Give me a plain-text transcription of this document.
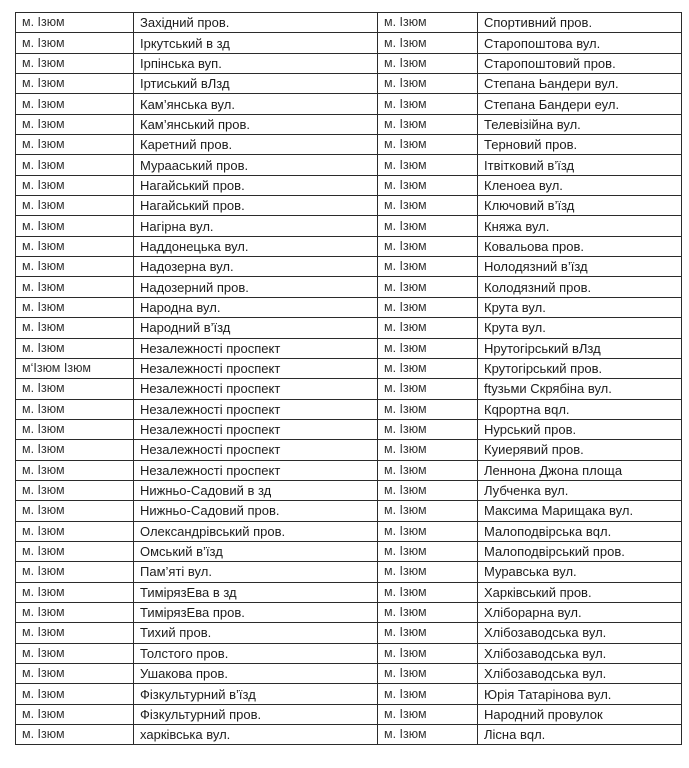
м. Ізюм	Західний пров.	м. Ізюм	Спортивний пров.
м. Ізюм	Іркутський в зд	м. Ізюм	Старопоштова вул.
м. Ізюм	Ірпінська вуп.	м. Ізюм	Старопоштовий пров.
м. Ізюм	Іртиський вЛзд	м. Ізюм	Степана Ьандери вул.
м. Ізюм	Кам’янська вул.	м. Ізюм	Степана Бандери еул.
м. Ізюм	Кам’янський пров.	м. Ізюм	Телевізійна вул.
м. Ізюм	Каретний пров.	м. Ізюм	Терновий пров.
м. Ізюм	Мурааський пров.	м. Ізюм	Ітвітковий в’їзд
м. Ізюм	Нагайський пров.	м. Ізюм	Клeноеа вул.
м. Ізюм	Нагайський пров.	м. Ізюм	Ключовий в’їзд
м. Ізюм	Нагірна вул.	м. Ізюм	Княжа вул.
м. Ізюм	Наддонецька вул.	м. Ізюм	Ковальова пров.
м. Ізюм	Надозерна вул.	м. Ізюм	Нолодязний в’їзд
м. Ізюм	Надозерний пров.	м. Ізюм	Колодязний пров.
м. Ізюм	Народна вул.	м. Ізюм	Крута вул.
м. Ізюм	Народний в’їзд	м. Ізюм	Крута вул.
м. Ізюм	Незалежності проспект	м. Ізюм	Нрутогірський вЛзд
м‘Ізюм Ізюм	Незалежності проспект	м. Ізюм	Крутогірський пров.
м. Ізюм	Незалежності проспект	м. Ізюм	ftузьми Скрябіна вул.
м. Ізюм	Незалежності проспект	м. Ізюм	Кqрортна вqл.
м. Ізюм	Незалежності проспект	м. Ізюм	Нурський пров.
м. Ізюм	Незалежності проспект	м. Ізюм	Куиерявий пров.
м. Ізюм	Незалежності проспект	м. Ізюм	Леннона Джона площа
м. Ізюм	Нижньо-Садовий в зд	м. Ізюм	Лубченка вул.
м. Ізюм	Нижньо-Садовий пров.	м. Ізюм	Максима Марищака вул.
м. Ізюм	Олександрівський пров.	м. Ізюм	Малоподвірська вqл.
м. Ізюм	Омський в’їзд	м. Ізюм	Малоподвірський пров.
м. Ізюм	Пам’яті вул.	м. Ізюм	Муравська вул.
м. Ізюм	ТимірязЕва в зд	м. Ізюм	Харківський пров.
м. Ізюм	ТимірязЕва пров.	м. Ізюм	Хліборарна вул.
м. Ізюм	Тихий пров.	м. Ізюм	Хлібозаводська вул.
м. Ізюм	Толстого пров.	м. Ізюм	Хлібозаводська вул.
м. Ізюм	Ушакова пров.	м. Ізюм	Хлібозаводська вул.
м. Ізюм	Фізкультурний в’їзд	м. Ізюм	Юрія Татарінова вул.
м. Ізюм	Фізкультурний пров.	м. Ізюм	Народний провулок
м. Ізюм	харківська вул.	м. Ізюм	Лісна вqл.
